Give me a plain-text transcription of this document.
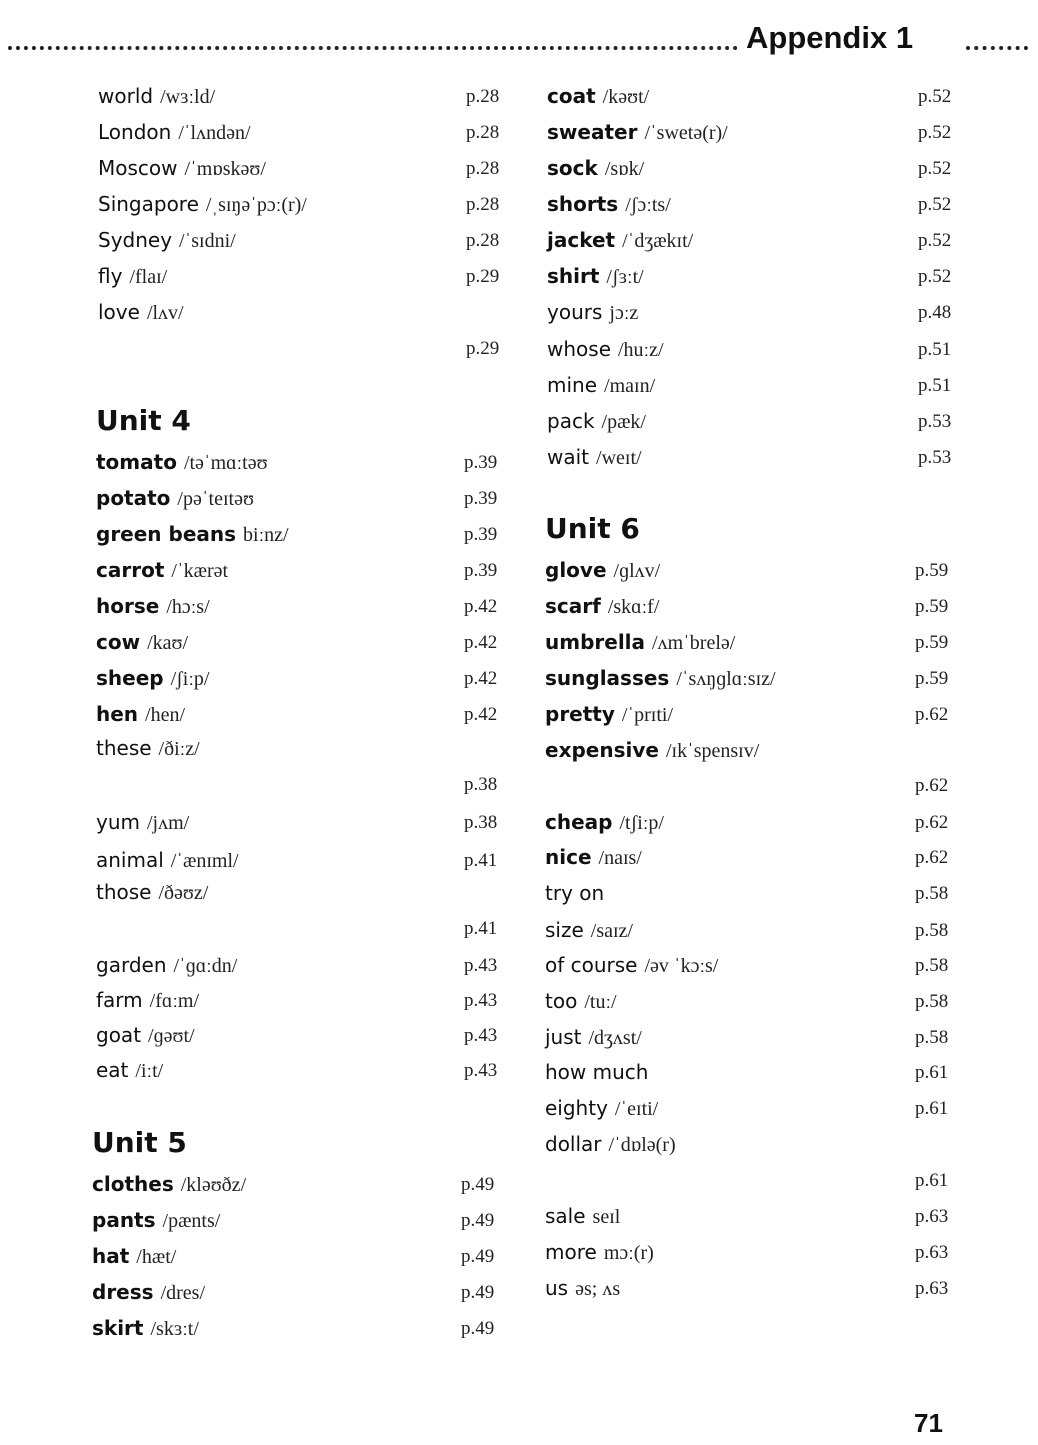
Appendix 1
world /wɜːld/	p.28
London /ˈlʌndən/	p.28
Moscow /ˈmɒskəʊ/	p.28
Singapore /ˌsɪŋəˈpɔː(r)/	p.28
Sydney /ˈsɪdni/	p.28
fly /flaɪ/	p.29
love /lʌv/
p.29
tomato /təˈmɑːtəʊ	p.39
potato /pəˈteɪtəʊ	p.39
green beans biːnz/	p.39
carrot /ˈkærət	p.39
horse /hɔːs/	p.42
cow /kaʊ/	p.42
sheep /ʃiːp/	p.42
hen /hen/	p.42
these /ðiːz/
p.38
yum /jʌm/	p.38
animal /ˈænɪml/	p.41
those /ðəʊz/
p.41
garden /ˈɡɑːdn/	p.43
farm /fɑːm/	p.43
goat /ɡəʊt/	p.43
eat /iːt/	p.43
clothes /kləʊðz/	p.49
pants /pænts/	p.49
hat /hæt/	p.49
dress /dres/	p.49
skirt /skɜːt/	p.49
coat /kəʊt/	p.52
sweater /ˈswetə(r)/	p.52
sock /sɒk/	p.52
shorts /ʃɔːts/	p.52
jacket /ˈdʒækɪt/	p.52
shirt /ʃɜːt/	p.52
yours jɔːz	p.48
whose /huːz/	p.51
mine /maɪn/	p.51
pack /pæk/	p.53
wait /weɪt/	p.53
glove /ɡlʌv/	p.59
scarf /skɑːf/	p.59
umbrella /ʌmˈbrelə/	p.59
sunglasses /ˈsʌŋɡlɑːsɪz/	p.59
pretty /ˈprɪti/	p.62
expensive /ɪkˈspensɪv/
p.62
cheap /tʃiːp/	p.62
nice /naɪs/	p.62
try on	p.58
size /saɪz/	p.58
of course /əv ˈkɔːs/	p.58
too /tuː/	p.58
just /dʒʌst/	p.58
how much	p.61
eighty /ˈeɪti/	p.61
dollar /ˈdɒlə(r)
p.61
sale seɪl	p.63
more mɔː(r)	p.63
us əs; ʌs	p.63
Unit 4
Unit 5
Unit 6
71
